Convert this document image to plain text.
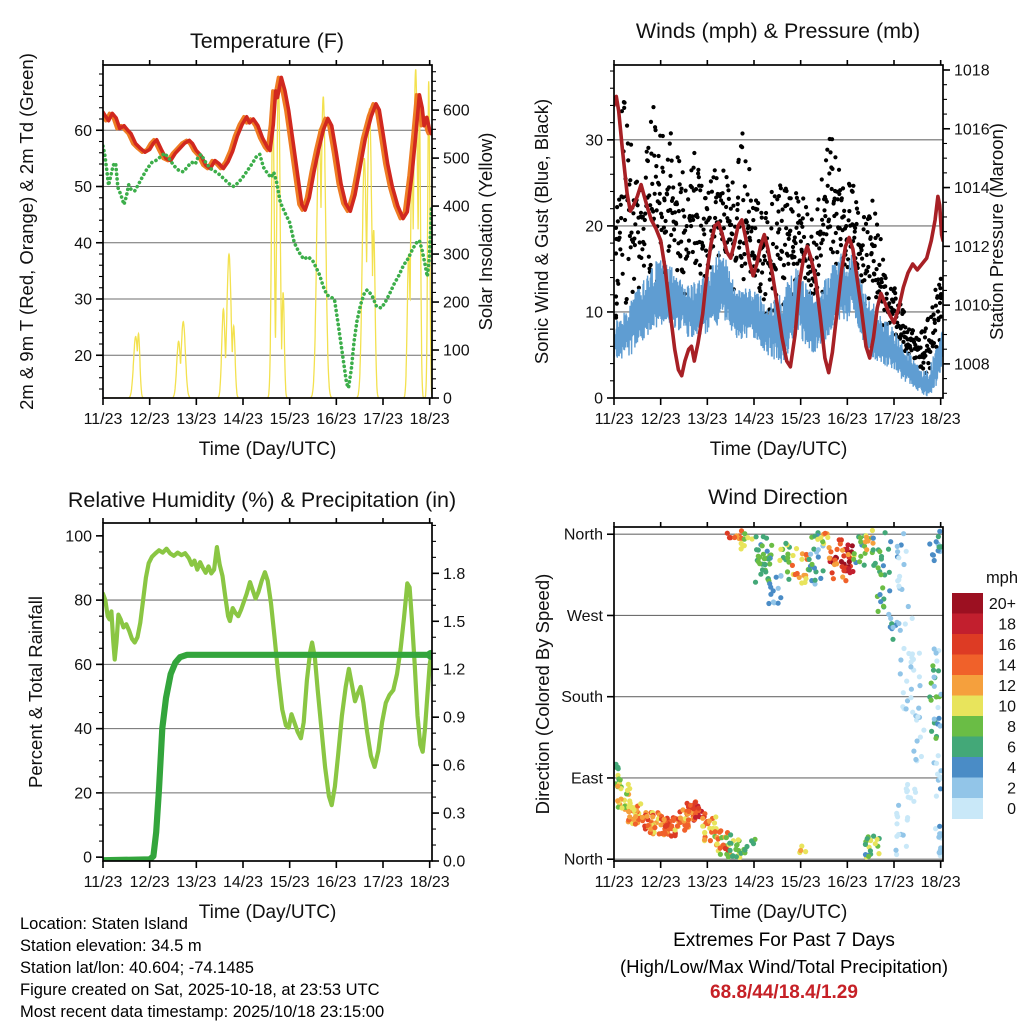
11/23 12/23 13/23 14/23 15/23 16/23 17/23 18/23
20
30
40
50
60
0
100
200
300
400
500
600
Temperature (F)
Time (Day/UTC)
2m & 9m T (Red, Orange) & 2m Td (Green)	Solar Insolation (Yellow)
11/23 12/23 13/23 14/23 15/23 16/23 17/23 18/23
0
10
20
30
1008
1010
1012
1014
1016
1018
Winds (mph) & Pressure (mb)
Time (Day/UTC)
Sonic Wind & Gust (Blue, Black)	Station Pressure (Maroon)
11/23 12/23 13/23 14/23 15/23 16/23 17/23 18/23
0
20
40
60
80
100
0.0
0.3
0.6
0.9
1.2
1.5
1.8
Relative Humidity (%) & Precipitation (in)
Time (Day/UTC)
Percent & Total Rainfall
11/23 12/23 13/23 14/23 15/23 16/23 17/23 18/23
North
West
South
East
North
Wind Direction
Time (Day/UTC)
Direction (Colored By Speed)	mph
20+
18
16
14
12
10
8
6
4
2
0
Location: Staten Island
Station elevation: 34.5 m
Station lat/lon: 40.604; -74.1485
Figure created on Sat, 2025-10-18, at 23:53 UTC
Most recent data timestamp: 2025/10/18 23:15:00
Extremes For Past 7 Days
(High/Low/Max Wind/Total Precipitation)
68.8/44/18.4/1.29
